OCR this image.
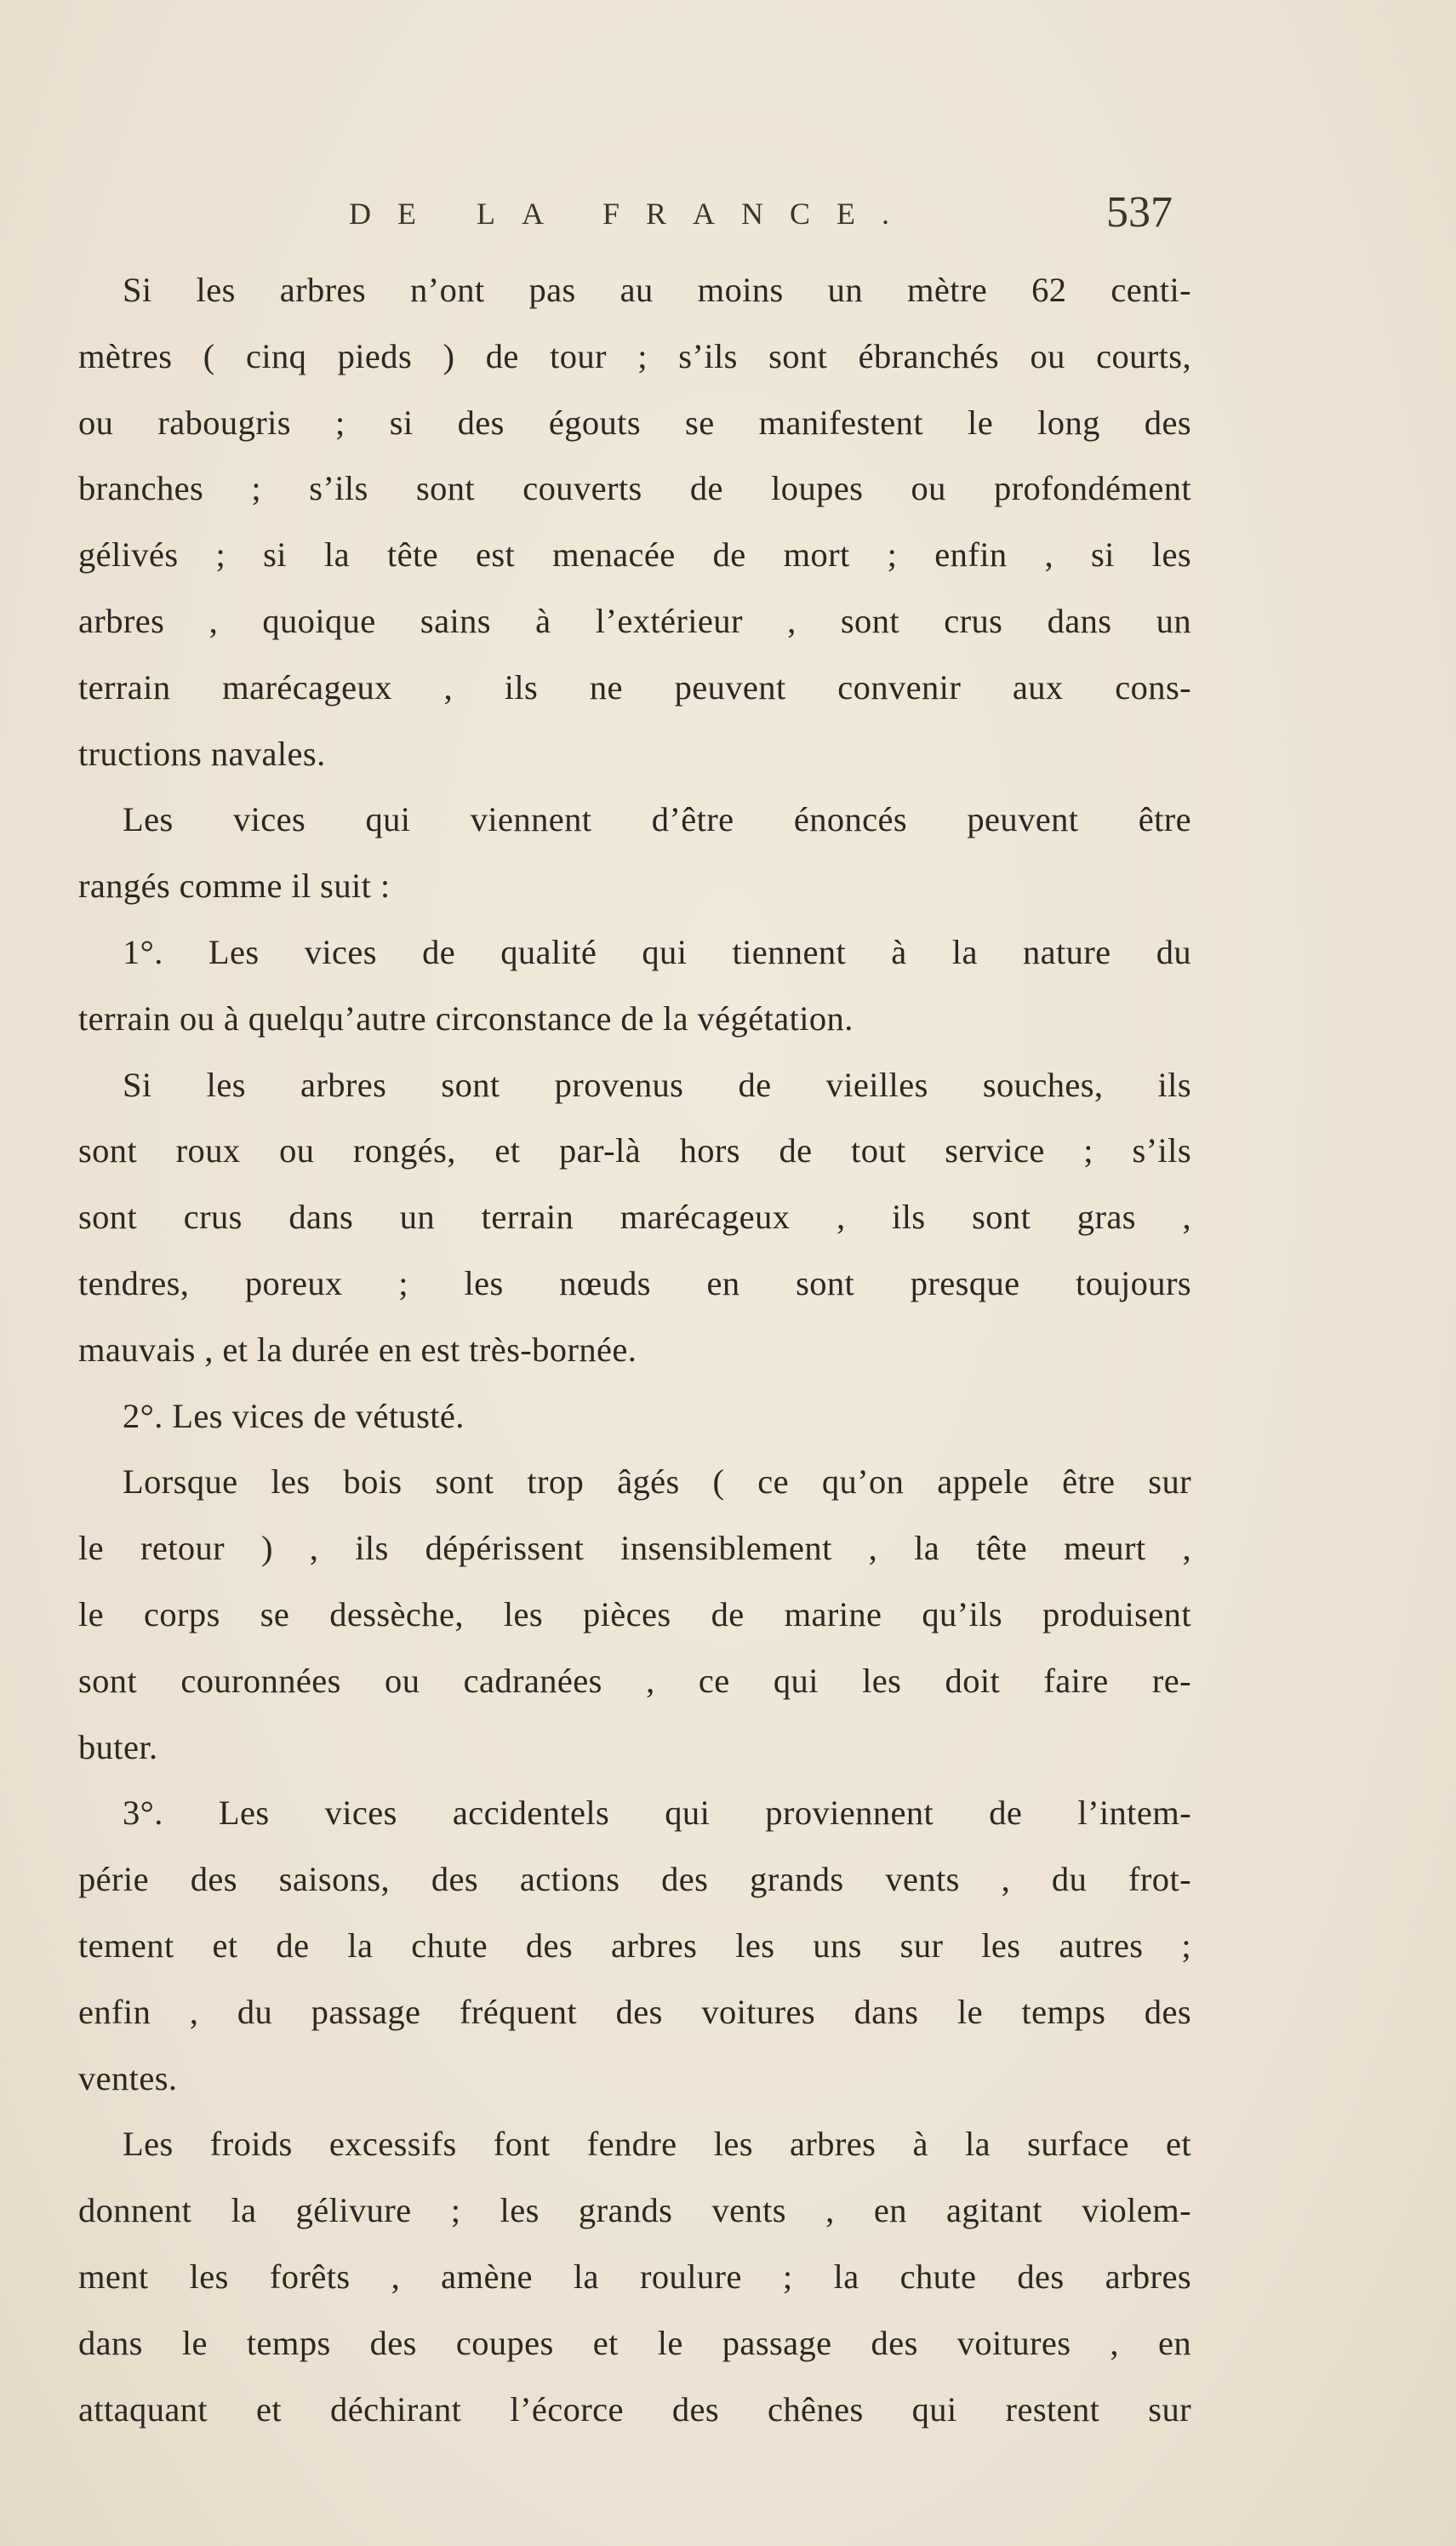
DE LA FRANCE.	537
Si les arbres n’ont pas au moins un mètre 62 centi-
mètres ( cinq pieds ) de tour ; s’ils sont ébranchés ou courts,
ou rabougris ; si des égouts se manifestent le long des
branches ; s’ils sont couverts de loupes ou profondément
gélivés ; si la tête est menacée de mort ; enfin , si les
arbres , quoique sains à l’extérieur , sont crus dans un
terrain marécageux , ils ne peuvent convenir aux cons-
tructions navales.
Les vices qui viennent d’être énoncés peuvent être
rangés comme il suit :
1°. Les vices de qualité qui tiennent à la nature du
terrain ou à quelqu’autre circonstance de la végétation.
Si les arbres sont provenus de vieilles souches, ils
sont roux ou rongés, et par-là hors de tout service ; s’ils
sont crus dans un terrain marécageux , ils sont gras ,
tendres, poreux ; les nœuds en sont presque toujours
mauvais , et la durée en est très-bornée.
2°. Les vices de vétusté.
Lorsque les bois sont trop âgés ( ce qu’on appele être sur
le retour ) , ils dépérissent insensiblement , la tête meurt ,
le corps se dessèche, les pièces de marine qu’ils produisent
sont couronnées ou cadranées , ce qui les doit faire re-
buter.
3°. Les vices accidentels qui proviennent de l’intem-
périe des saisons, des actions des grands vents , du frot-
tement et de la chute des arbres les uns sur les autres ;
enfin , du passage fréquent des voitures dans le temps des
ventes.
Les froids excessifs font fendre les arbres à la surface et
donnent la gélivure ; les grands vents , en agitant violem-
ment les forêts , amène la roulure ; la chute des arbres
dans le temps des coupes et le passage des voitures , en
attaquant et déchirant l’écorce des chênes qui restent sur
